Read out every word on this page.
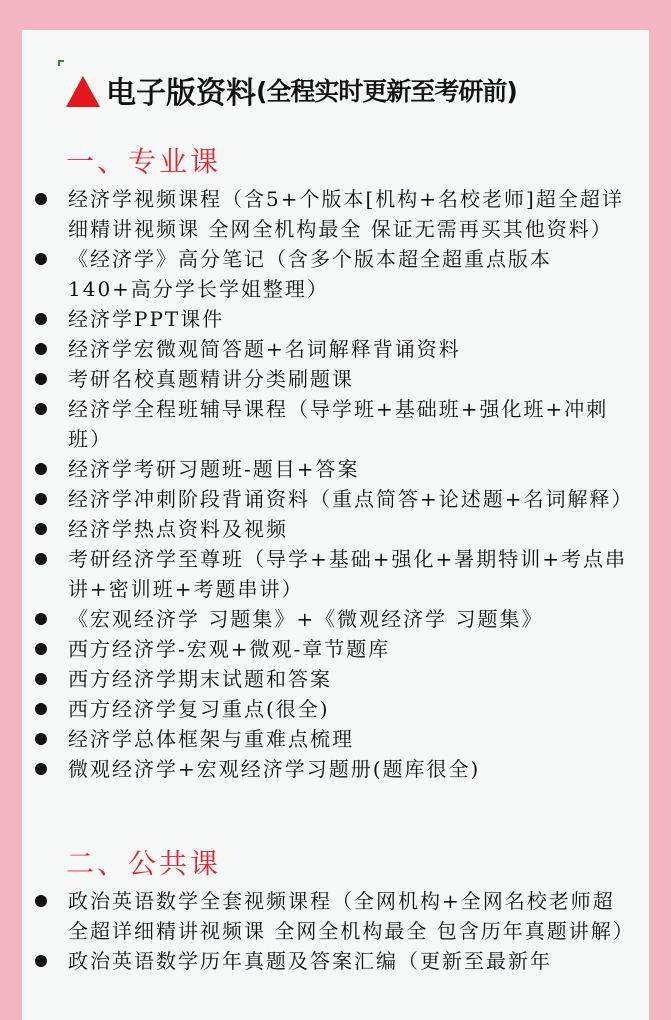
电子版资料 (全程实时更新至考研前)
一、专业课
经济学视频课程（含5+个版本[机构+名校老师]超全超详细精讲视频课 全网全机构最全 保证无需再买其他资料）
《经济学》高分笔记（含多个版本超全超重点版本140+高分学长学姐整理）
经济学PPT课件
经济学宏微观简答题+名词解释背诵资料
考研名校真题精讲分类刷题课
经济学全程班辅导课程（导学班+基础班+强化班+冲刺班）
经济学考研习题班-题目+答案
经济学冲刺阶段背诵资料（重点简答+论述题+名词解释）
经济学热点资料及视频
考研经济学至尊班（导学+基础+强化+暑期特训+考点串讲+密训班+考题串讲）
《宏观经济学 习题集》+《微观经济学 习题集》
西方经济学-宏观+微观-章节题库
西方经济学期末试题和答案
西方经济学复习重点(很全)
经济学总体框架与重难点梳理
微观经济学+宏观经济学习题册(题库很全)
二、公共课
政治英语数学全套视频课程（全网机构+全网名校老师超全超详细精讲视频课 全网全机构最全 包含历年真题讲解）
政治英语数学历年真题及答案汇编（更新至最新年
